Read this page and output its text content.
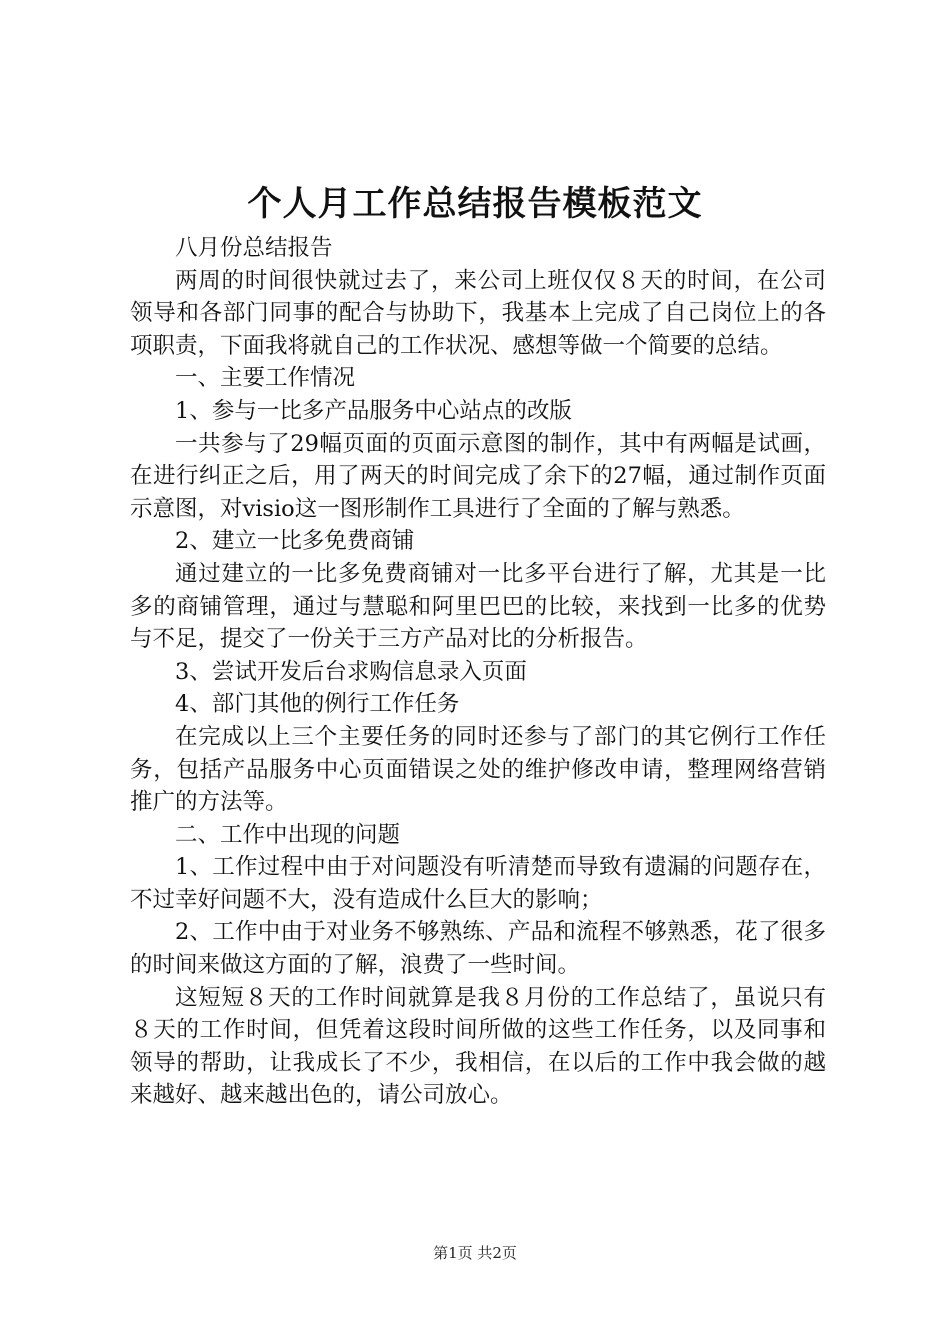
个人月工作总结报告模板范文

八月份总结报告

两周的时间很快就过去了，来公司上班仅仅８天的时间，在公司领导和各部门同事的配合与协助下，我基本上完成了自己岗位上的各项职责，下面我将就自己的工作状况、感想等做一个简要的总结。

一、主要工作情况

1、参与一比多产品服务中心站点的改版

一共参与了29幅页面的页面示意图的制作，其中有两幅是试画，在进行纠正之后，用了两天的时间完成了余下的27幅，通过制作页面示意图，对visio这一图形制作工具进行了全面的了解与熟悉。

2、建立一比多免费商铺

通过建立的一比多免费商铺对一比多平台进行了解，尤其是一比多的商铺管理，通过与慧聪和阿里巴巴的比较，来找到一比多的优势与不足，提交了一份关于三方产品对比的分析报告。

3、尝试开发后台求购信息录入页面

4、部门其他的例行工作任务

在完成以上三个主要任务的同时还参与了部门的其它例行工作任务，包括产品服务中心页面错误之处的维护修改申请，整理网络营销推广的方法等。

二、工作中出现的问题

1、工作过程中由于对问题没有听清楚而导致有遗漏的问题存在，不过幸好问题不大，没有造成什么巨大的影响；

2、工作中由于对业务不够熟练、产品和流程不够熟悉，花了很多的时间来做这方面的了解，浪费了一些时间。

这短短８天的工作时间就算是我８月份的工作总结了，虽说只有８天的工作时间，但凭着这段时间所做的这些工作任务，以及同事和领导的帮助，让我成长了不少，我相信，在以后的工作中我会做的越来越好、越来越出色的，请公司放心。

第1页 共2页
